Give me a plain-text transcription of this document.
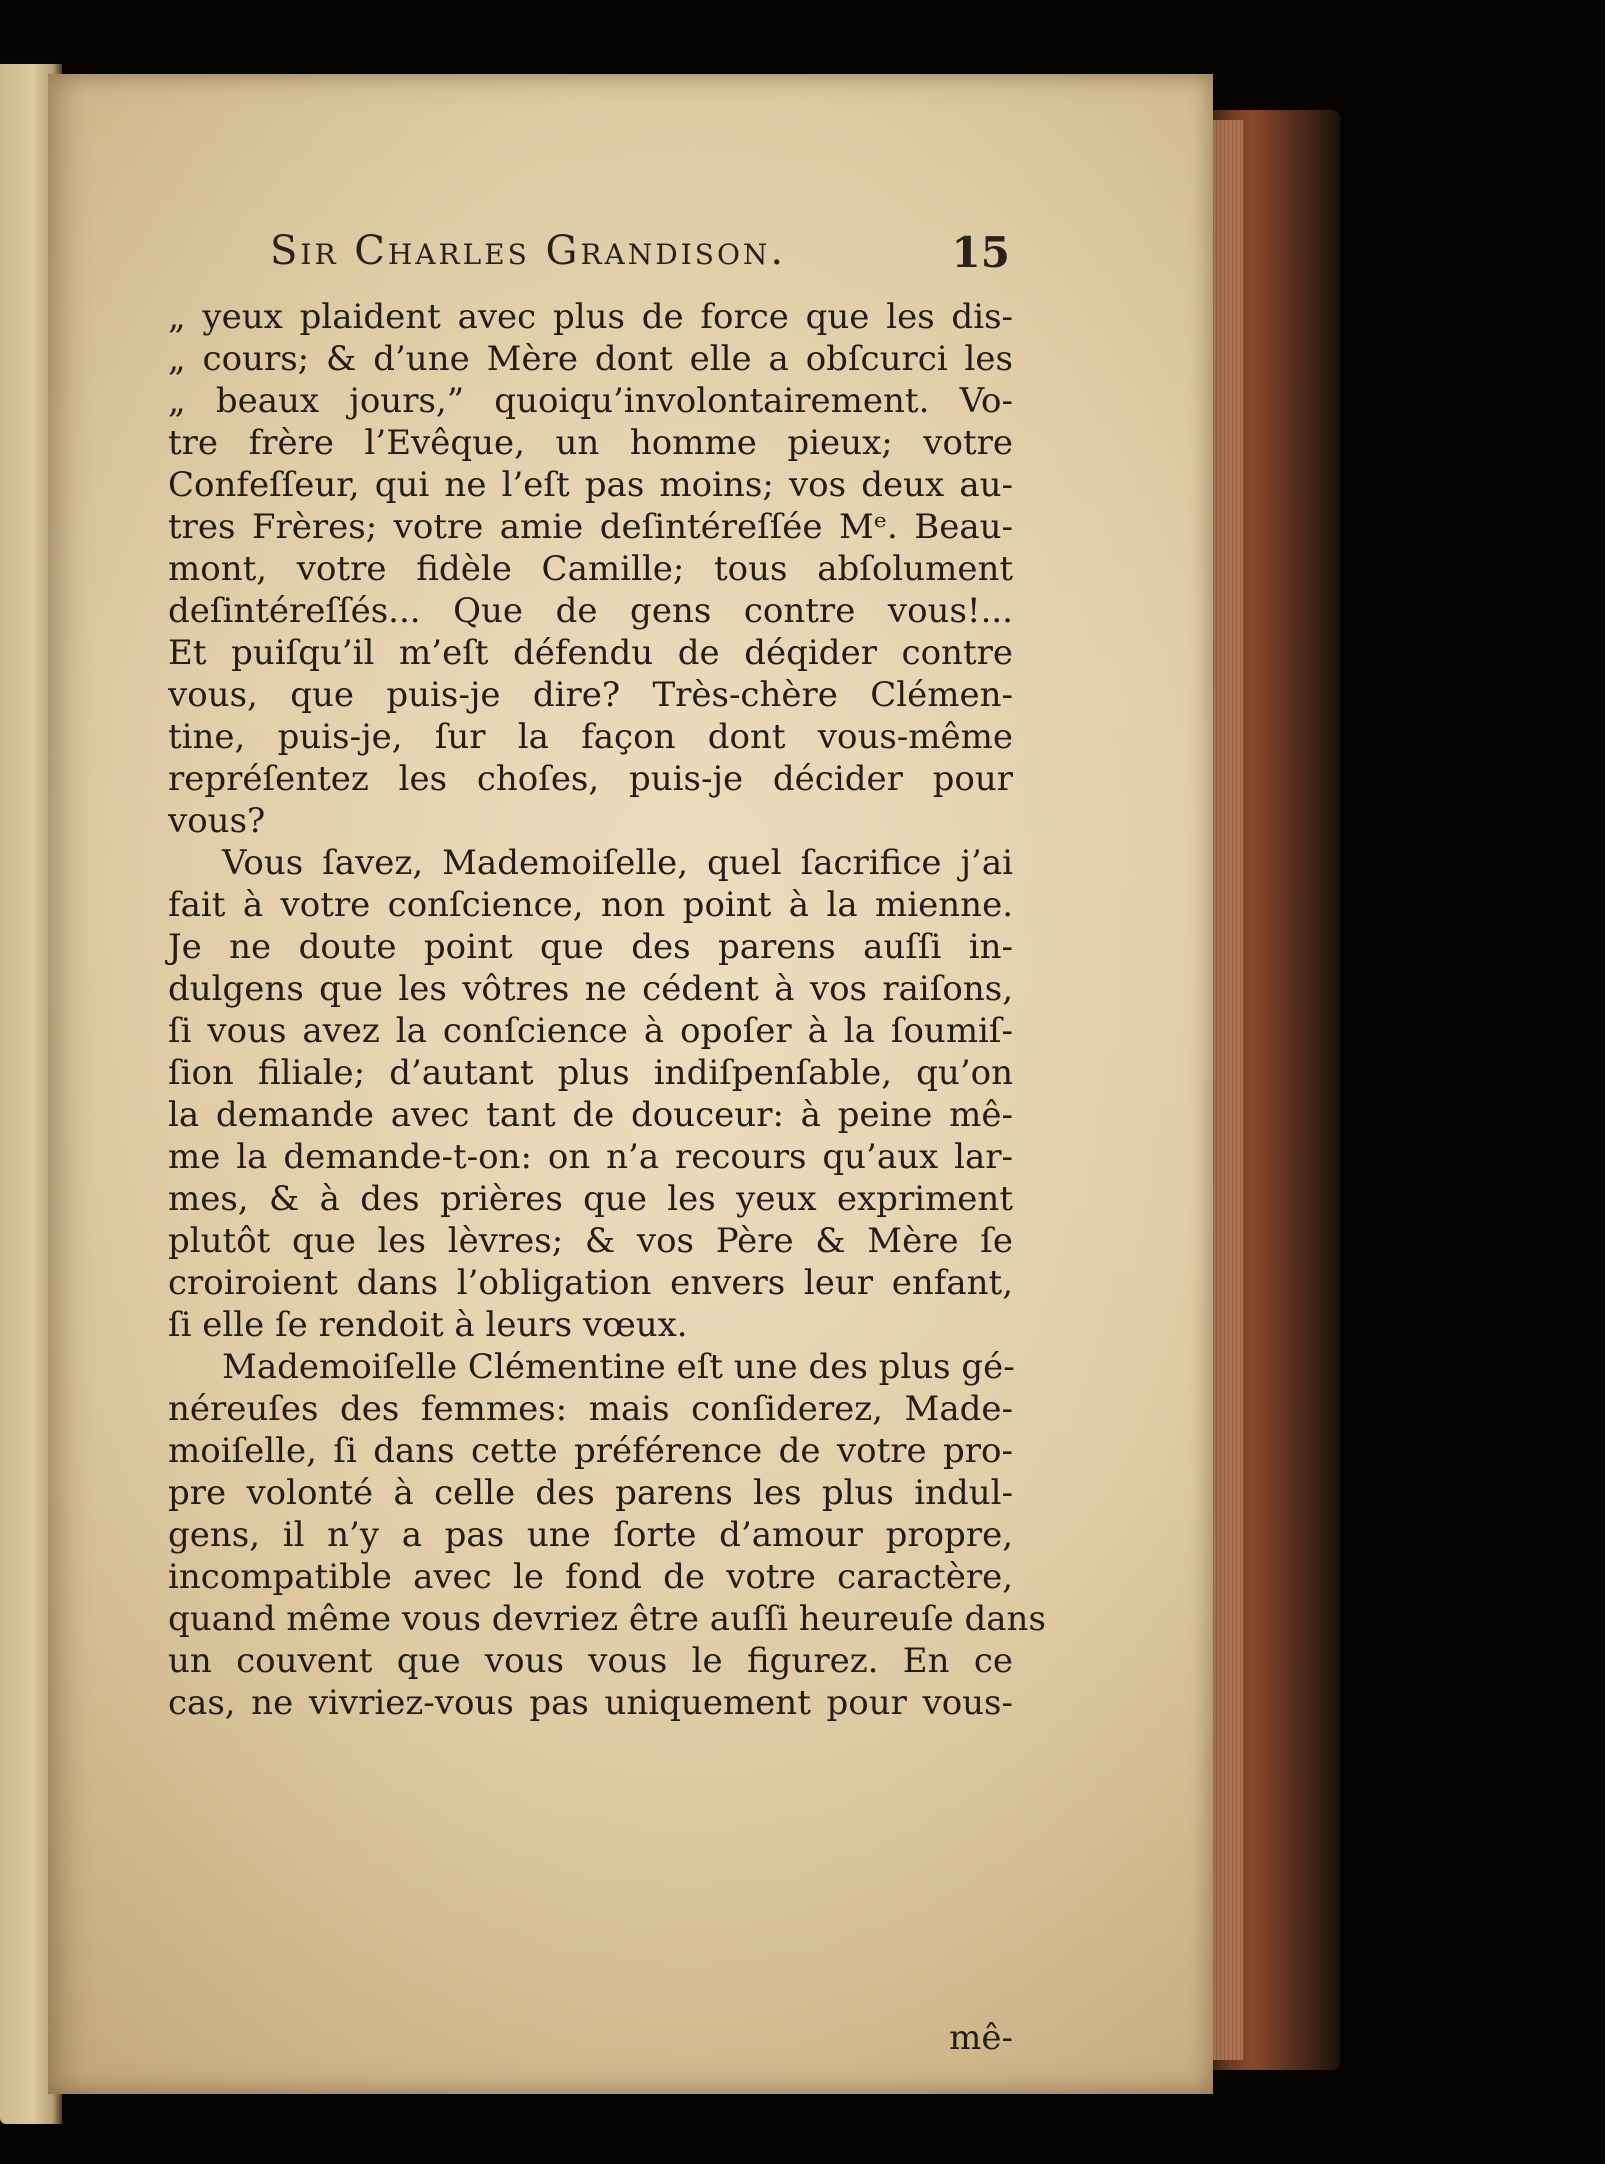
Sir Charles Grandison.	15
„ yeux plaident avec plus de force que les dis-
„ cours; & d’une Mère dont elle a obſcurci les
„ beaux jours,” quoiqu’involontairement. Vo-
tre frère l’Evêque, un homme pieux; votre
Confeſſeur, qui ne l’eſt pas moins; vos deux au-
tres Frères; votre amie deſintéreſſée Mᵉ. Beau-
mont, votre fidèle Camille; tous abſolument
deſintéreſſés... Que de gens contre vous!...
Et puiſqu’il m’eſt défendu de déqider contre
vous, que puis-je dire? Très-chère Clémen-
tine, puis-je, ſur la façon dont vous-même
repréſentez les choſes, puis-je décider pour
vous?
Vous ſavez, Mademoiſelle, quel ſacrifice j’ai
fait à votre conſcience, non point à la mienne.
Je ne doute point que des parens auſſi in-
dulgens que les vôtres ne cédent à vos raiſons,
ſi vous avez la conſcience à opoſer à la ſoumiſ-
ſion filiale; d’autant plus indiſpenſable, qu’on
la demande avec tant de douceur: à peine mê-
me la demande-t-on: on n’a recours qu’aux lar-
mes, & à des prières que les yeux expriment
plutôt que les lèvres; & vos Père & Mère ſe
croiroient dans l’obligation envers leur enfant,
ſi elle ſe rendoit à leurs vœux.
Mademoiſelle Clémentine eſt une des plus gé-
néreuſes des femmes: mais conſiderez, Made-
moiſelle, ſi dans cette préférence de votre pro-
pre volonté à celle des parens les plus indul-
gens, il n’y a pas une ſorte d’amour propre,
incompatible avec le fond de votre caractère,
quand même vous devriez être auſſi heureuſe dans
un couvent que vous vous le figurez. En ce
cas, ne vivriez-vous pas uniquement pour vous-
mê-
